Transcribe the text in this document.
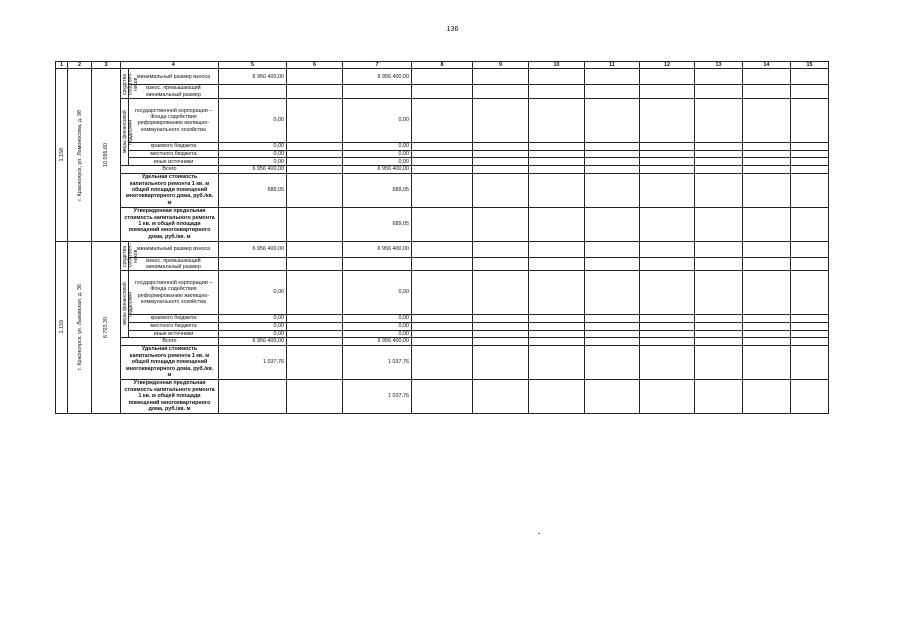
136
1	2	3		4	5	6	7	8	9	10	11	12	13	14	15

1.158	г. Красноярск, ул. Ломоносова, д. 98	10 095,60	средства собствен-ников	минимальный размер взноса	6 956 400,00		6 956 400,00								
				взнос, превышающий минимальный размер											

			меры финансовой поддержки	государственной корпорации – Фонда содействия реформированию жилищно-коммунального хозяйства	0,00		0,00								
				краевого бюджета	0,00		0,00								
				местного бюджета	0,00		0,00								
				иные источники	0,00		0,00								
			Всего		6 956 400,00		6 956 400,00								
			Удельная стоимость капитального ремонта 1 кв. м общей площади помещений многоквартирного дома, руб./кв. м		689,05		689,05								
			Утвержденная предельная стоимость капитального ремонта 1 кв. м общей площади помещений многоквартирного дома, руб./кв. м				689,05								

1.159	г. Красноярск, ул. Львовская, д. 36	6 703,30	средства собствен-ников	минимальный размер взноса	6 956 400,00		6 956 400,00								
				взнос, превышающий минимальный размер											

			меры финансовой поддержки	государственной корпорации – Фонда содействия реформированию жилищно-коммунального хозяйства	0,00		0,00								
				краевого бюджета	0,00		0,00								
				местного бюджета	0,00		0,00								
				иные источники	0,00		0,00								
			Всего		6 956 400,00		6 956 400,00								
			Удельная стоимость капитального ремонта 1 кв. м общей площади помещений многоквартирного дома, руб./кв. м		1 037,76		1 037,76								
			Утвержденная предельная стоимость капитального ремонта 1 кв. м общей площади помещений многоквартирного дома, руб./кв. м				1 037,76								
